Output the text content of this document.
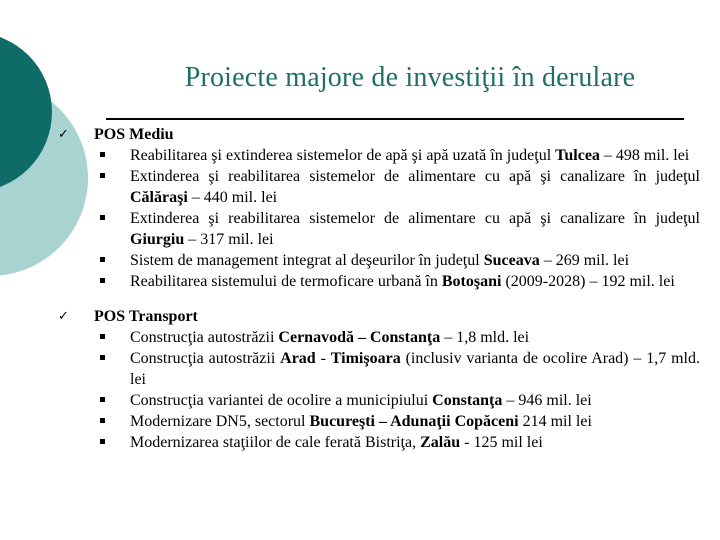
Proiecte majore de investiţii în derulare
✓ POS Mediu
Reabilitarea şi extinderea sistemelor de apă şi apă uzată în judeţul Tulcea – 498 mil. lei
Extinderea şi reabilitarea sistemelor de alimentare cu apă şi canalizare în judeţul Călăraşi – 440 mil. lei
Extinderea şi reabilitarea sistemelor de alimentare cu apă şi canalizare în judeţul Giurgiu – 317 mil. lei
Sistem de management integrat al deşeurilor în judeţul Suceava – 269 mil. lei
Reabilitarea sistemului de termoficare urbană în Botoşani (2009-2028) – 192 mil. lei
✓ POS Transport
Construcţia autostrăzii Cernavodă – Constanţa – 1,8 mld. lei
Construcţia autostrăzii Arad - Timişoara (inclusiv varianta de ocolire Arad) – 1,7 mld. lei
Construcţia variantei de ocolire a municipiului Constanţa – 946 mil. lei
Modernizare DN5, sectorul Bucureşti – Adunaţii Copăceni 214 mil lei
Modernizarea staţiilor de cale ferată Bistriţa, Zalău - 125 mil lei
